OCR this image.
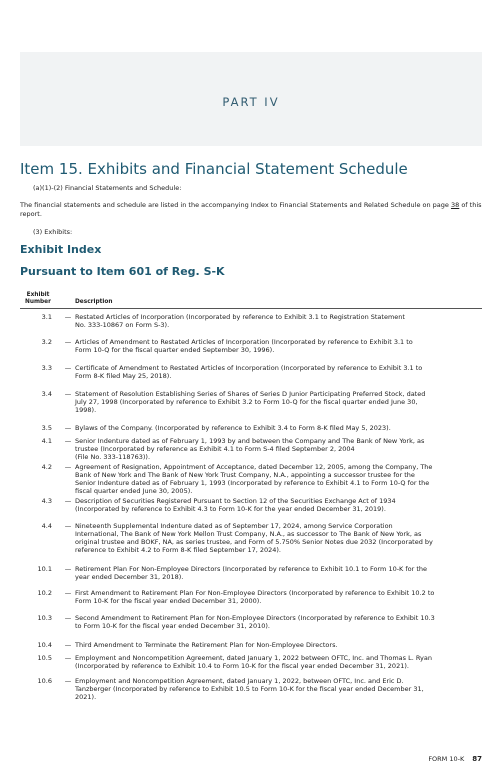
PART IV
Item 15. Exhibits and Financial Statement Schedule
(a)(1)-(2) Financial Statements and Schedule:
The financial statements and schedule are listed in the accompanying Index to Financial Statements and Related Schedule on page 38 of this report.
(3) Exhibits:
Exhibit Index
Pursuant to Item 601 of Reg. S-K
Exhibit
Number	Description
3.1 — Restated Articles of Incorporation (Incorporated by reference to Exhibit 3.1 to Registration Statement
No. 333-10867 on Form S-3).
3.2 — Articles of Amendment to Restated Articles of Incorporation (Incorporated by reference to Exhibit 3.1 to
Form 10-Q for the fiscal quarter ended September 30, 1996).
3.3 — Certificate of Amendment to Restated Articles of Incorporation (Incorporated by reference to Exhibit 3.1 to
Form 8-K filed May 25, 2018).
3.4 — Statement of Resolution Establishing Series of Shares of Series D Junior Participating Preferred Stock, dated
July 27, 1998 (Incorporated by reference to Exhibit 3.2 to Form 10-Q for the fiscal quarter ended June 30,
1998).
3.5 — Bylaws of the Company. (Incorporated by reference to Exhibit 3.4 to Form 8-K filed May 5, 2023).
4.1 — Senior Indenture dated as of February 1, 1993 by and between the Company and The Bank of New York, as
trustee (Incorporated by reference as Exhibit 4.1 to Form S-4 filed September 2, 2004
(File No. 333-118763)).
4.2 — Agreement of Resignation, Appointment of Acceptance, dated December 12, 2005, among the Company, The
Bank of New York and The Bank of New York Trust Company, N.A., appointing a successor trustee for the
Senior Indenture dated as of February 1, 1993 (Incorporated by reference to Exhibit 4.1 to Form 10-Q for the
fiscal quarter ended June 30, 2005).
4.3 — Description of Securities Registered Pursuant to Section 12 of the Securities Exchange Act of 1934
(Incorporated by reference to Exhibit 4.3 to Form 10-K for the year ended December 31, 2019).
4.4 — Nineteenth Supplemental Indenture dated as of September 17, 2024, among Service Corporation
International, The Bank of New York Mellon Trust Company, N.A., as successor to The Bank of New York, as
original trustee and BOKF, NA, as series trustee, and Form of 5.750% Senior Notes due 2032 (Incorporated by
reference to Exhibit 4.2 to Form 8-K filed September 17, 2024).
10.1 — Retirement Plan For Non-Employee Directors (Incorporated by reference to Exhibit 10.1 to Form 10-K for the
year ended December 31, 2018).
10.2 — First Amendment to Retirement Plan For Non-Employee Directors (Incorporated by reference to Exhibit 10.2 to
Form 10-K for the fiscal year ended December 31, 2000).
10.3 — Second Amendment to Retirement Plan for Non-Employee Directors (Incorporated by reference to Exhibit 10.3
to Form 10-K for the fiscal year ended December 31, 2010).
10.4 — Third Amendment to Terminate the Retirement Plan for Non-Employee Directors.
10.5 — Employment and Noncompetition Agreement, dated January 1, 2022 between OFTC, Inc. and Thomas L. Ryan
(Incorporated by reference to Exhibit 10.4 to Form 10-K for the fiscal year ended December 31, 2021).
10.6 — Employment and Noncompetition Agreement, dated January 1, 2022, between OFTC, Inc. and Eric D.
Tanzberger (Incorporated by reference to Exhibit 10.5 to Form 10-K for the fiscal year ended December 31,
2021).
FORM 10-K 87
